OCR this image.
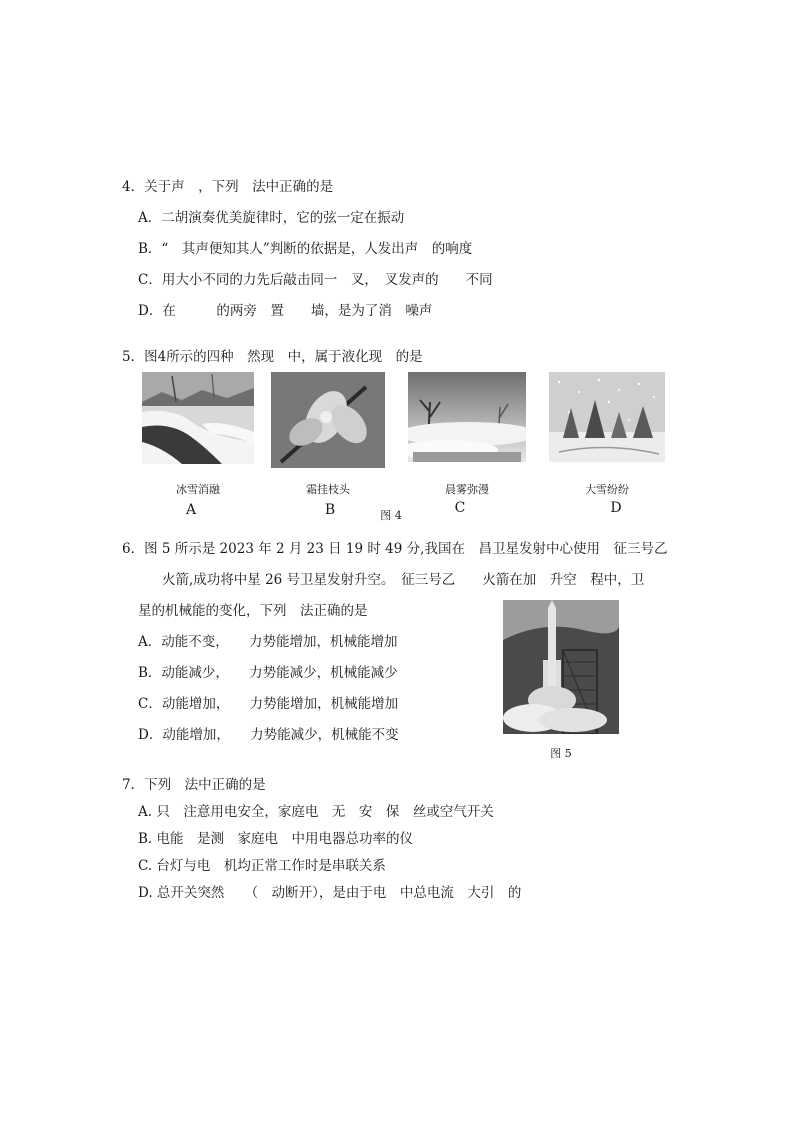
4．关于声　，下列　法中正确的是
A．二胡演奏优美旋律时，它的弦一定在振动
B．“　其声便知其人”判断的依据是，人发出声　的响度
C．用大小不同的力先后敲击同一　叉，　叉发声的　　不同
D．在　　　的两旁　置　　墙，是为了消　噪声
5．图4所示的四种　然现　中，属于液化现　的是
冰雪消融
A
霜挂枝头
B	图 4
晨雾弥漫
C
大雪纷纷
D
6．图 5 所示是 2023 年 2 月 23 日 19 时 49 分,我国在　昌卫星发射中心使用　征三号乙
火箭,成功将中星 26 号卫星发射升空。　征三号乙　　火箭在加　升空　程中，卫
星的机械能的变化，下列　法正确的是
A．动能不变，　　力势能增加，机械能增加
B．动能减少，　　力势能减少，机械能减少
C．动能增加，　　力势能增加，机械能增加
D．动能增加，　　力势能减少，机械能不变
图 5
7．下列　法中正确的是
A. 只　注意用电安全，家庭电　无　安　保　丝或空气开关
B. 电能　是测　家庭电　中用电器总功率的仪
C. 台灯与电　机均正常工作时是串联关系
D. 总开关突然　　（　动断开），是由于电　中总电流　大引　的
